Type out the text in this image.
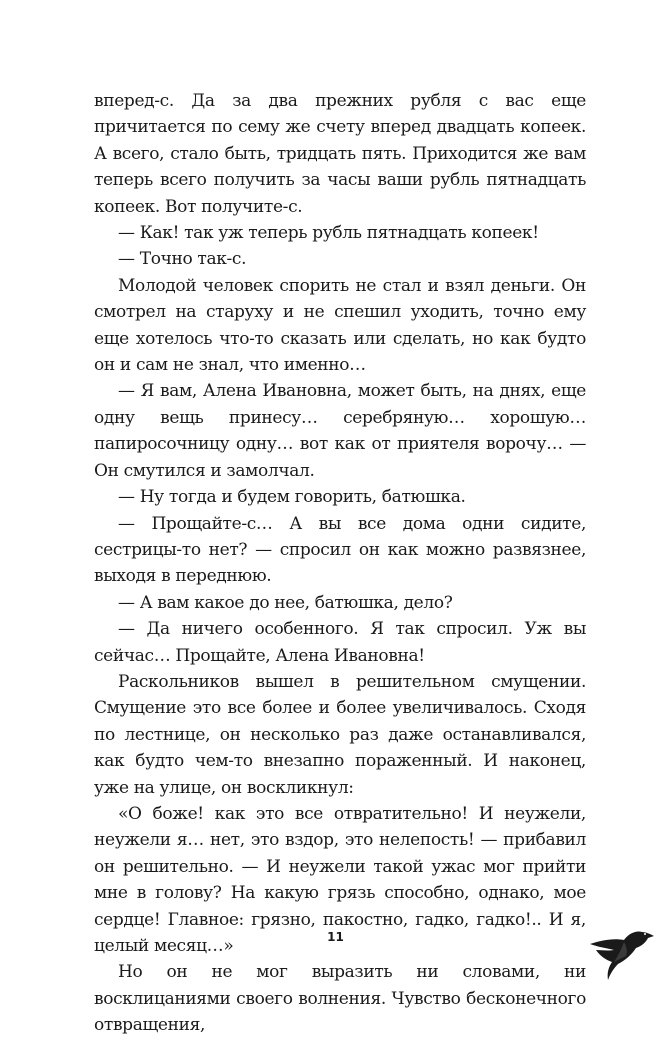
вперед-с. Да за два прежних рубля с вас еще причитается по сему же счету вперед двадцать копеек. А всего, стало быть, тридцать пять. Приходится же вам теперь всего получить за часы ваши рубль пятнадцать копеек. Вот получите-с.

— Как! так уж теперь рубль пятнадцать копеек!

— Точно так-с.

Молодой человек спорить не стал и взял деньги. Он смотрел на старуху и не спешил уходить, точно ему еще хотелось что-то сказать или сделать, но как будто он и сам не знал, что именно…

— Я вам, Алена Ивановна, может быть, на днях, еще одну вещь принесу… серебряную… хорошую… папиросочницу одну… вот как от приятеля ворочу… — Он смутился и замолчал.

— Ну тогда и будем говорить, батюшка.

— Прощайте-с… А вы все дома одни сидите, сестрицы-то нет? — спросил он как можно развязнее, выходя в переднюю.

— А вам какое до нее, батюшка, дело?

— Да ничего особенного. Я так спросил. Уж вы сейчас… Прощайте, Алена Ивановна!

Раскольников вышел в решительном смущении. Смущение это все более и более увеличивалось. Сходя по лестнице, он несколько раз даже останавливался, как будто чем-то внезапно пораженный. И наконец, уже на улице, он воскликнул:

«О боже! как это все отвратительно! И неужели, неужели я… нет, это вздор, это нелепость! — прибавил он решительно. — И неужели такой ужас мог прийти мне в голову? На какую грязь способно, однако, мое сердце! Главное: грязно, пакостно, гадко, гадко!.. И я, целый месяц…»

Но он не мог выразить ни словами, ни восклицаниями своего волнения. Чувство бесконечного отвращения,

11
